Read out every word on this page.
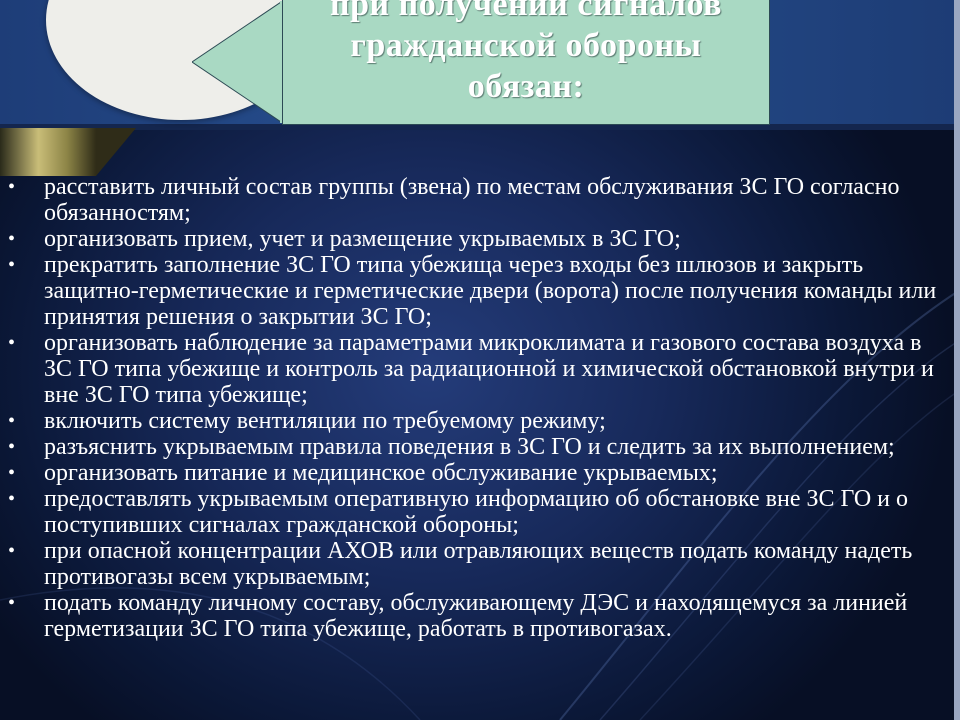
при получении сигналов
гражданской обороны
обязан:
• расставить личный состав группы (звена) по местам обслуживания ЗС ГО согласно обязанностям;
• организовать прием, учет и размещение укрываемых в ЗС ГО;
• прекратить заполнение ЗС ГО типа убежища через входы без шлюзов и закрыть защитно-герметические и герметические двери (ворота) после получения команды или принятия решения о закрытии ЗС ГО;
• организовать наблюдение за параметрами микроклимата и газового состава воздуха в ЗС ГО типа убежище и контроль за радиационной и химической обстановкой внутри и вне ЗС ГО типа убежище;
• включить систему вентиляции по требуемому режиму;
• разъяснить укрываемым правила поведения в ЗС ГО и следить за их выполнением;
• организовать питание и медицинское обслуживание укрываемых;
• предоставлять укрываемым оперативную информацию об обстановке вне ЗС ГО и о поступивших сигналах гражданской обороны;
• при опасной концентрации АХОВ или отравляющих веществ подать команду надеть противогазы всем укрываемым;
• подать команду личному составу, обслуживающему ДЭС и находящемуся за линией герметизации ЗС ГО типа убежище, работать в противогазах.
